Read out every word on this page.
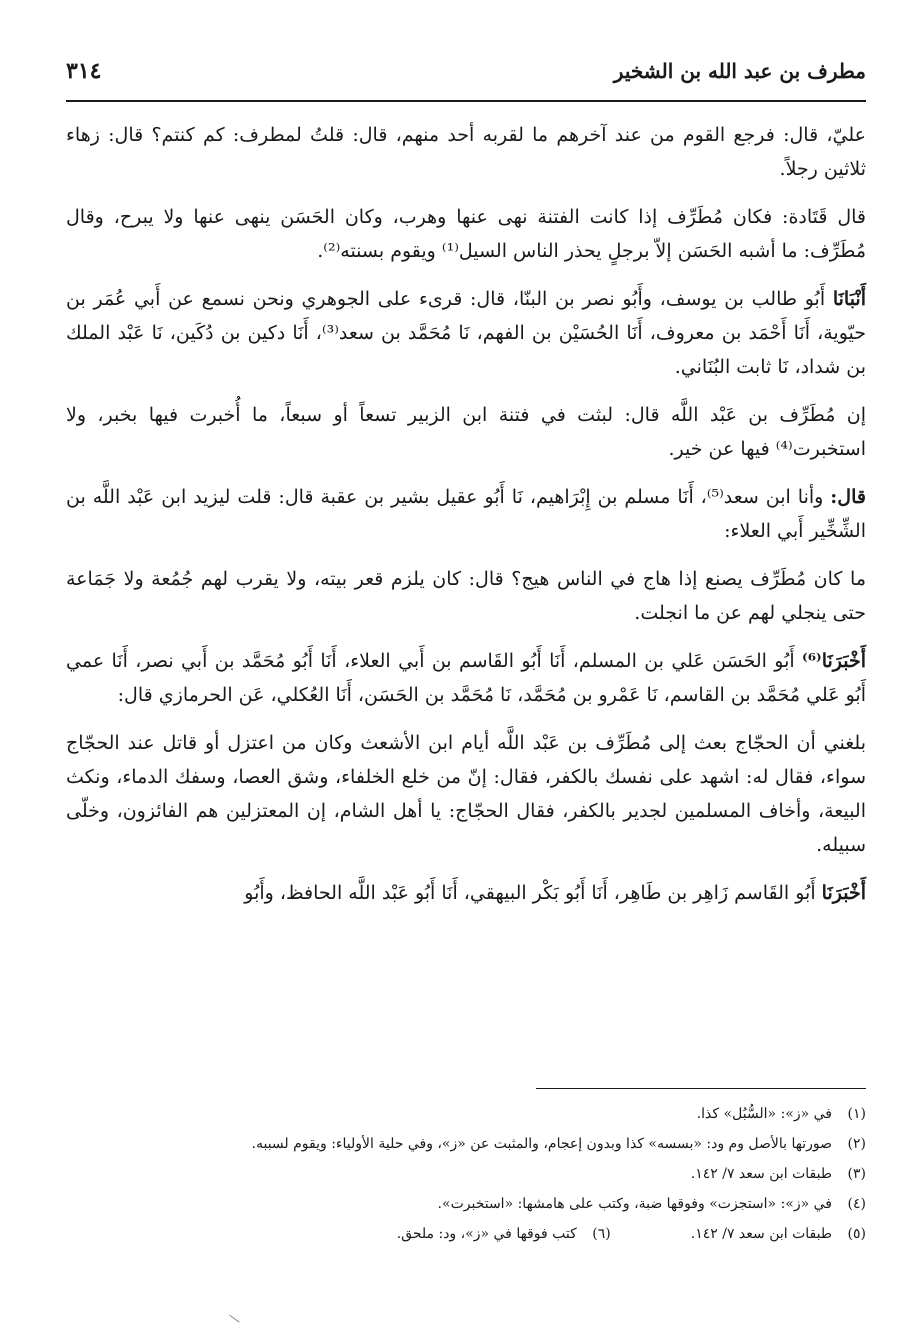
مطرف بن عبد الله بن الشخير
٣١٤

عليّ، قال: فرجع القوم من عند آخرهم ما لقربه أحد منهم، قال: قلتُ لمطرف: كم كنتم؟ قال: زهاء ثلاثين رجلاً.

قال قَتَادة: فكان مُطَرِّف إذا كانت الفتنة نهى عنها وهرب، وكان الحَسَن ينهى عنها ولا يبرح، وقال مُطَرِّف: ما أشبه الحَسَن إلاّ برجلٍ يحذر الناس السيل⁽¹⁾ ويقوم بسنته⁽²⁾.

أَنْبَانَا أَبُو طالب بن يوسف، وأَبُو نصر بن البنّا، قال: قرىء على الجوهري ونحن نسمع عن أَبي عُمَر بن حيّوية، أَنَا أَحْمَد بن معروف، أَنَا الحُسَيْن بن الفهم، نَا مُحَمَّد بن سعد⁽³⁾، أَنَا دكين بن دُكَين، نَا عَبْد الملك بن شداد، نَا ثابت البُنَاني.

إن مُطَرِّف بن عَبْد اللَّه قال: لبثت في فتنة ابن الزبير تسعاً أو سبعاً، ما أُخبرت فيها بخبر، ولا استخبرت⁽⁴⁾ فيها عن خير.

قال: وأنا ابن سعد⁽⁵⁾، أَنَا مسلم بن إِبْرَاهيم، نَا أَبُو عقيل بشير بن عقبة قال: قلت ليزيد ابن عَبْد اللَّه بن الشِّخِّير أَبي العلاء:

ما كان مُطَرِّف يصنع إذا هاج في الناس هيج؟ قال: كان يلزم قعر بيته، ولا يقرب لهم جُمُعة ولا جَمَاعة حتى ينجلي لهم عن ما انجلت.

أَخْبَرَنَا⁽⁶⁾ أَبُو الحَسَن عَلي بن المسلم، أَنَا أَبُو القَاسم بن أَبي العلاء، أَنَا أَبُو مُحَمَّد بن أَبي نصر، أَنَا عمي أَبُو عَلي مُحَمَّد بن القاسم، نَا عَمْرو بن مُحَمَّد، نَا مُحَمَّد بن الحَسَن، أَنَا العُكلي، عَن الحرمازي قال:

بلغني أن الحجّاج بعث إلى مُطَرِّف بن عَبْد اللَّه أيام ابن الأشعث وكان من اعتزل أو قاتل عند الحجّاج سواء، فقال له: اشهد على نفسك بالكفر، فقال: إنّ من خلع الخلفاء، وشق العصا، وسفك الدماء، ونكث البيعة، وأخاف المسلمين لجدير بالكفر، فقال الحجّاج: يا أهل الشام، إن المعتزلين هم الفائزون، وخلّى سبيله.

أَخْبَرَنَا أَبُو القَاسم زَاهِر بن طَاهِر، أَنَا أَبُو بَكْر البيهقي، أَنَا أَبُو عَبْد اللَّه الحافظ، وأَبُو

(١)
في «ز»: «السُّبُل» كذا.
(٢)
صورتها بالأصل وم ود: «بسسه» كذا وبدون إعجام، والمثبت عن «ز»، وفي حلية الأولياء: ويقوم لسببه.
(٣)
طبقات ابن سعد ٧/ ١٤٢.
(٤)
في «ز»: «استجزت» وفوقها ضبة، وكتب على هامشها: «استخبرت».
(٥)
طبقات ابن سعد ٧/ ١٤٢.
(٦)
كتب فوقها في «ز»، ود: ملحق.
